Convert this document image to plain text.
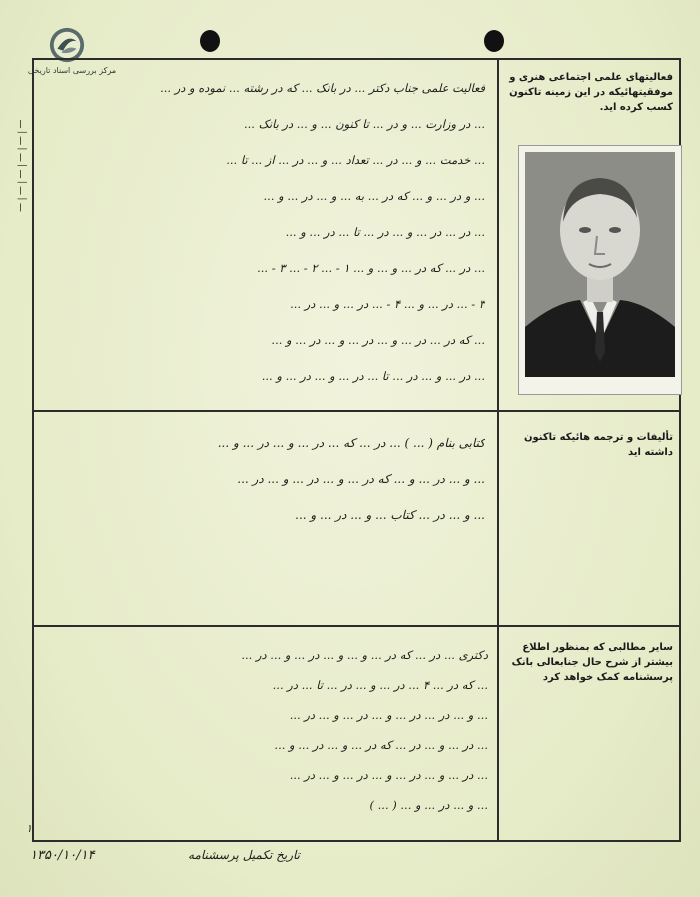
مرکز بررسی اسناد تاریخی
ـــ | ـــ | ـــ | ـــ | ـــ | ـــ
فعالیتهای علمی اجتماعی هنری و موفقیتهائیکه در این زمینه تاکنون کسب کرده اید.
تألیفات و ترجمه هائیکه تاکنون داشته اید
سایر مطالبی که بمنظور اطلاع بیشتر از شرح حال جنابعالی بانک پرسشنامه کمک خواهد کرد

فعالیت علمی جناب دکتر ... در بانک ... که در رشته ... نموده و در ...

... در وزارت ... و در ... تا کنون ... و ... در بانک ...

... خدمت ... و ... در ... تعداد ... و ... در ... از ... تا ...

... و در ... و ... که در ... به ... و ... در ... و ...

... در ... در ... و ... در ... تا ... در ... و ...

... در ... که در ... و ... و ... ١ - ... ٢ - ... ٣ - ...

٣ - ... در ... و ... ۴ - ... در ... و ... در ...

... که در ... در ... و ... در ... و ... در ... و ...

... در ... و ... در ... تا ... در ... و ... در ... و ...

کتابی بنام ( ... ) ... در ... که ... در ... و ... در ... و ...

... و ... در ... و ... که در ... و ... در ... و ... در ...

... و ... در ... کتاب ... و ... در ... و ...

دکتری ... در ... که در ... و ... و ... در ... و ... در ...

... که در ... ۴ ... در ... و ... در ... تا ... در ...

... و ... در ... در ... و ... در ... و ... در ...

... در ... و ... در ... که در ... و ... در ... و ...

... در ... و ... در ... و ... در ... و ... در ...

... و ... در ... و ... ( ... )

۱۳۵۰/۱۰/۱۴	تاریخ تکمیل پرسشنامه
۱
